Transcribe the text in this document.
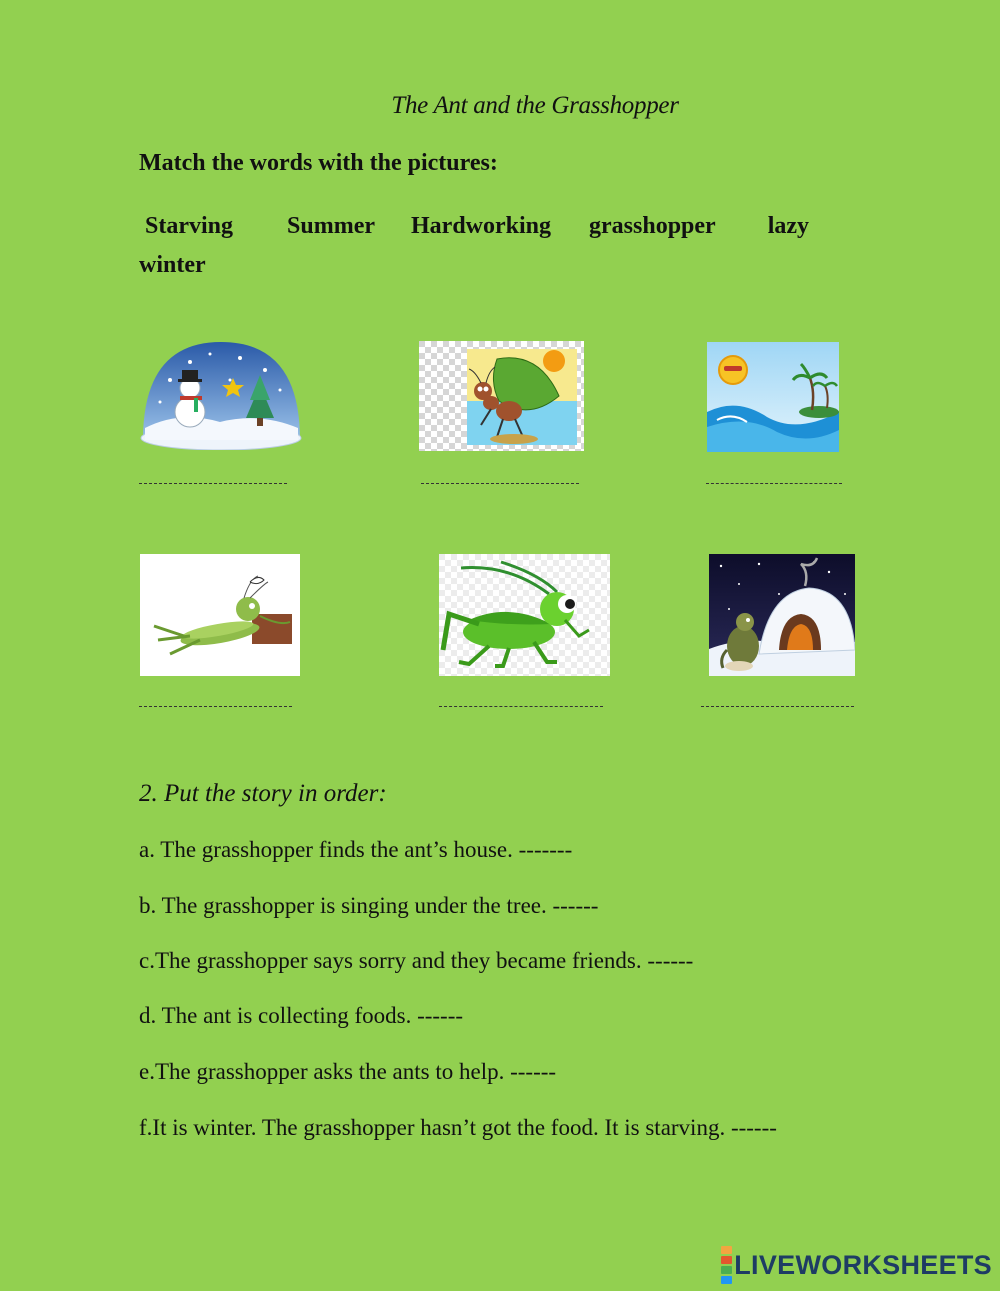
The Ant and the Grasshopper
Match the words with the pictures:
Starving Summer Hardworking grasshopper lazy
winter
2. Put the story in order:
a. The grasshopper finds the ant’s house. -------
b. The grasshopper is singing under the tree. ------
c.The grasshopper says sorry and they became friends. ------
d. The ant is collecting foods. ------
e.The grasshopper asks the ants to help. ------
f.It is winter. The grasshopper hasn’t got the food. It is starving. ------
LIVEWORKSHEETS
